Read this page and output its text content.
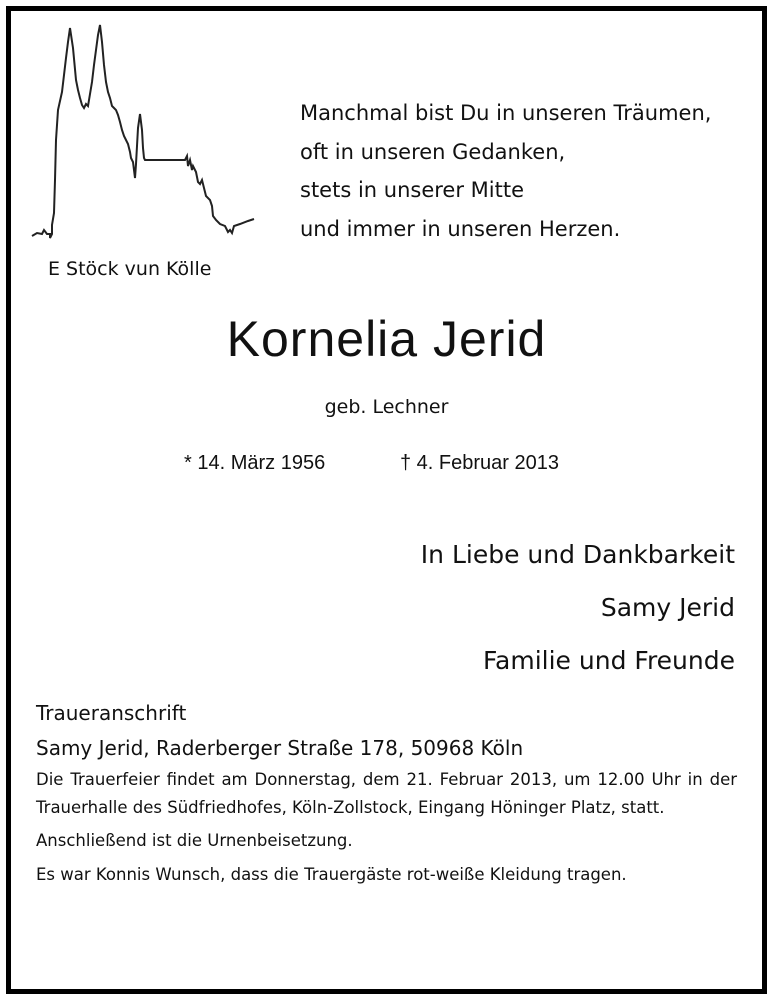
E Stöck vun Kölle
Manchmal bist Du in unseren Träumen,
oft in unseren Gedanken,
stets in unserer Mitte
und immer in unseren Herzen.
Kornelia Jerid
geb. Lechner
* 14. März 1956	† 4. Februar 2013
In Liebe und Dankbarkeit
Samy Jerid
Familie und Freunde
Traueranschrift
Samy Jerid, Raderberger Straße 178, 50968 Köln

Die Trauerfeier findet am Donnerstag, dem 21. Februar 2013, um 12.00 Uhr in der Trauerhalle des Südfriedhofes, Köln-Zollstock, Eingang Höninger Platz, statt.

Anschließend ist die Urnenbeisetzung.

Es war Konnis Wunsch, dass die Trauergäste rot-weiße Kleidung tragen.
